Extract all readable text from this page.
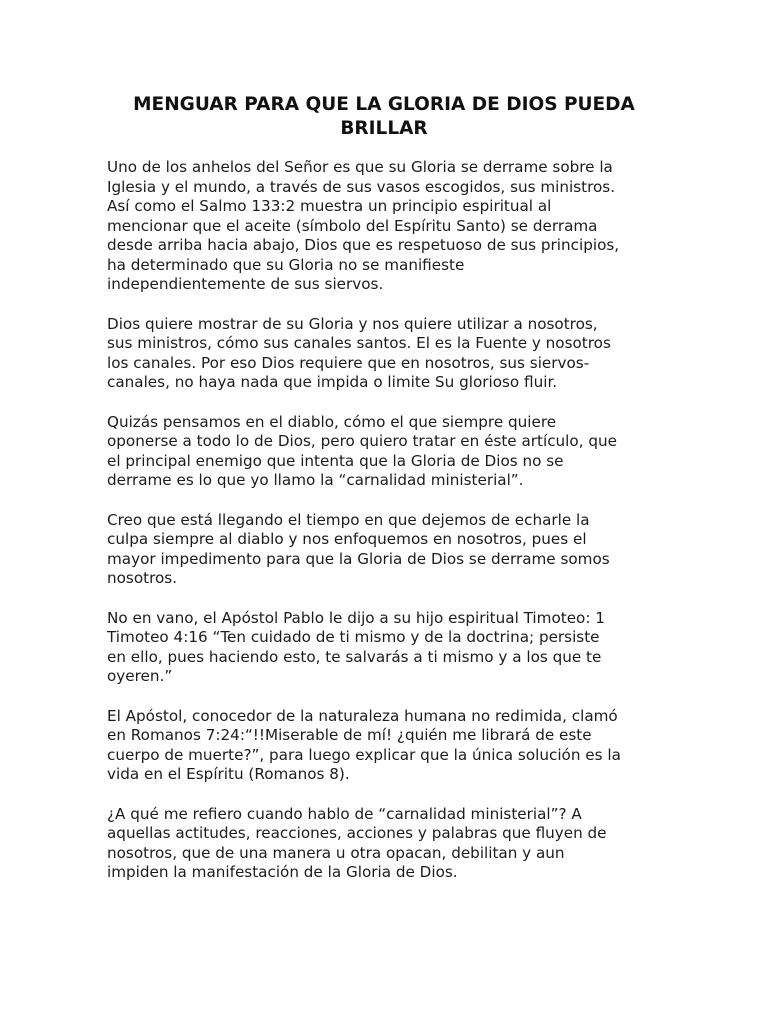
MENGUAR PARA QUE LA GLORIA DE DIOS PUEDA
BRILLAR

Uno de los anhelos del Señor es que su Gloria se derrame sobre la
Iglesia y el mundo, a través de sus vasos escogidos, sus ministros.
Así como el Salmo 133:2 muestra un principio espiritual al
mencionar que el aceite (símbolo del Espíritu Santo) se derrama
desde arriba hacia abajo, Dios que es respetuoso de sus principios,
ha determinado que su Gloria no se manifieste
independientemente de sus siervos.

Dios quiere mostrar de su Gloria y nos quiere utilizar a nosotros,
sus ministros, cómo sus canales santos. El es la Fuente y nosotros
los canales. Por eso Dios requiere que en nosotros, sus siervos-
canales, no haya nada que impida o limite Su glorioso fluir.

Quizás pensamos en el diablo, cómo el que siempre quiere
oponerse a todo lo de Dios, pero quiero tratar en éste artículo, que
el principal enemigo que intenta que la Gloria de Dios no se
derrame es lo que yo llamo la “carnalidad ministerial”.

Creo que está llegando el tiempo en que dejemos de echarle la
culpa siempre al diablo y nos enfoquemos en nosotros, pues el
mayor impedimento para que la Gloria de Dios se derrame somos
nosotros.

No en vano, el Apóstol Pablo le dijo a su hijo espiritual Timoteo: 1
Timoteo 4:16 “Ten cuidado de ti mismo y de la doctrina; persiste
en ello, pues haciendo esto, te salvarás a ti mismo y a los que te
oyeren.”

El Apóstol, conocedor de la naturaleza humana no redimida, clamó
en Romanos 7:24:“!!Miserable de mí! ¿quién me librará de este
cuerpo de muerte?”, para luego explicar que la única solución es la
vida en el Espíritu (Romanos 8).

¿A qué me refiero cuando hablo de “carnalidad ministerial”? A
aquellas actitudes, reacciones, acciones y palabras que fluyen de
nosotros, que de una manera u otra opacan, debilitan y aun
impiden la manifestación de la Gloria de Dios.
